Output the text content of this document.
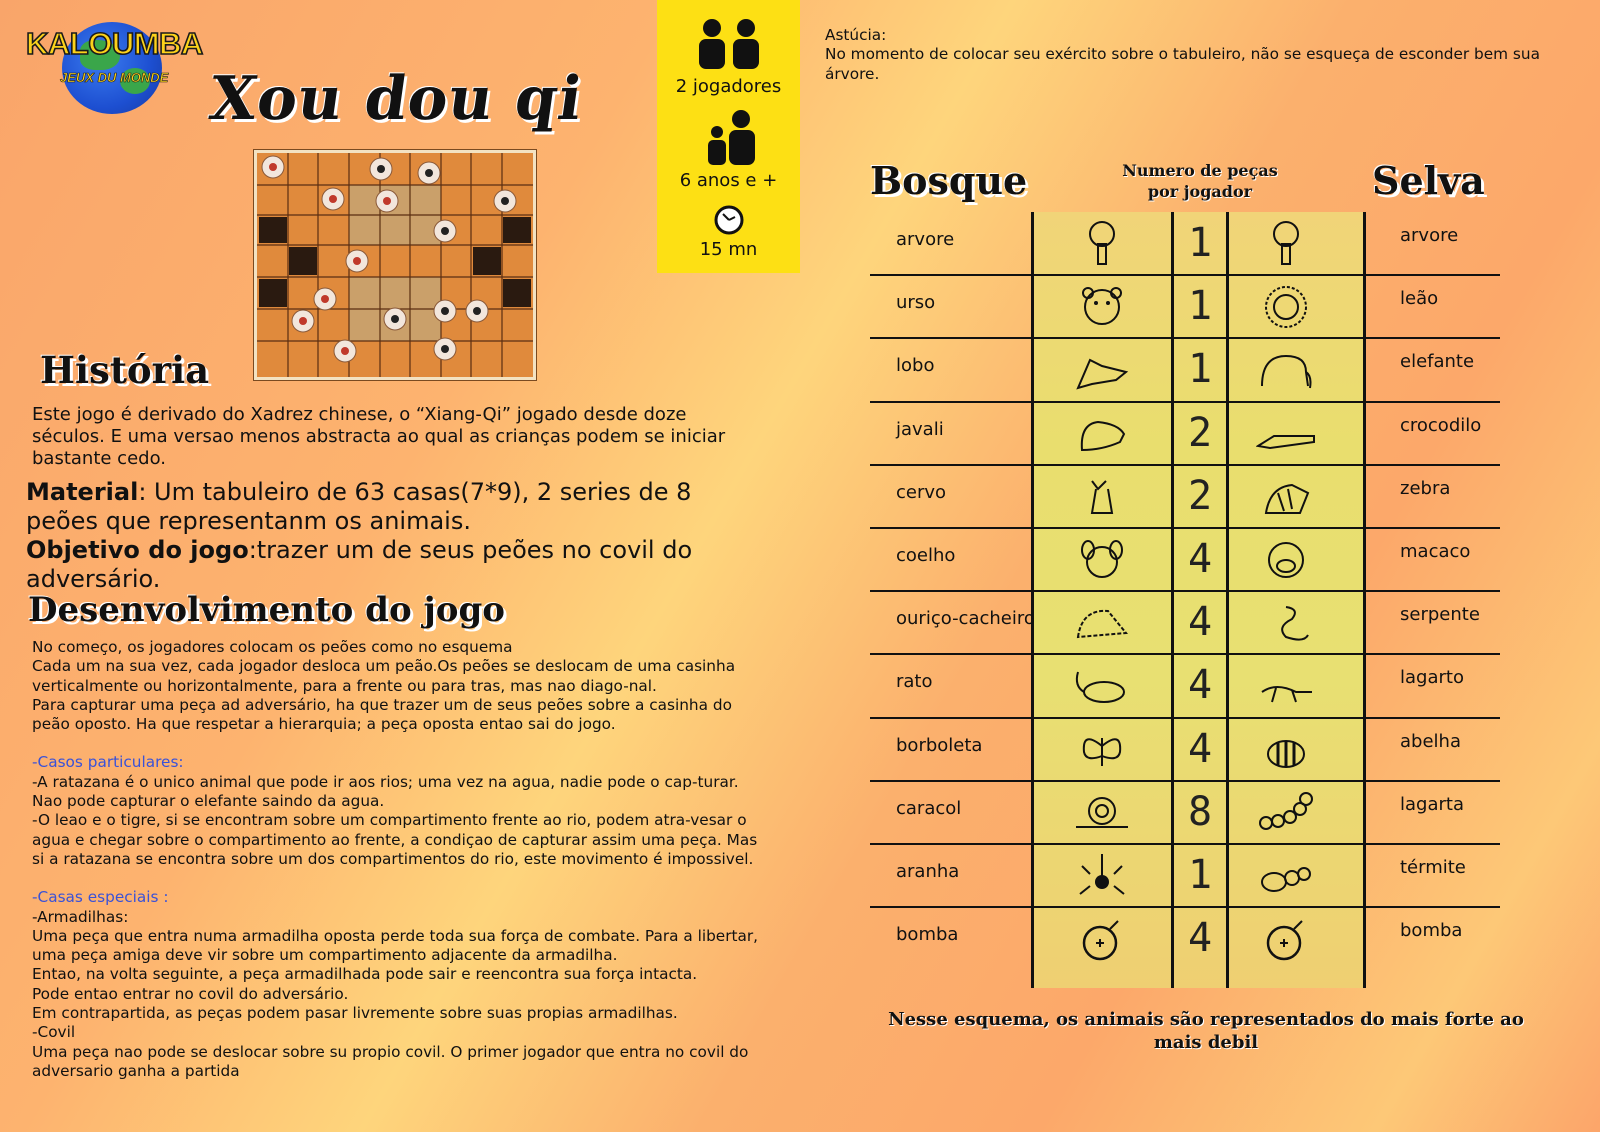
KALOUMBA
JEUX DU MONDE Xou dou qi	2 jogadores
6 anos e +
15 mn
Astúcia:
No momento de colocar seu exército sobre o tabuleiro, não se esqueça de esconder bem sua árvore.
História
Este jogo é derivado do Xadrez chinese, o “Xiang-Qi” jogado desde doze séculos. E uma versao menos abstracta ao qual as crianças podem se iniciar bastante cedo.
Material: Um tabuleiro de 63 casas(7*9), 2 series de 8 peões que representanm os animais.
Objetivo do jogo:trazer um de seus peões no covil do adversário.
Desenvolvimento do jogo
No começo, os jogadores colocam os peões como no esquema
Cada um na sua vez, cada jogador desloca um peão.Os peões se deslocam de uma casinha verticalmente ou horizontalmente, para a frente ou para tras, mas nao diago-nal.
Para capturar uma peça ad adversário, ha que trazer um de seus peões sobre a casinha do peão oposto. Ha que respetar a hierarquia; a peça oposta entao sai do jogo.
-Casos particulares:
-A ratazana é o unico animal que pode ir aos rios; uma vez na agua, nadie pode o cap-turar. Nao pode capturar o elefante saindo da agua.
-O leao e o tigre, si se encontram sobre um compartimento frente ao rio, podem atra-vesar o agua e chegar sobre o compartimento ao frente, a condiçao de capturar assim uma peça. Mas si a ratazana se encontra sobre um dos compartimentos do rio, este movimento é impossivel.
-Casas especiais :
-Armadilhas:
Uma peça que entra numa armadilha oposta perde toda sua força de combate. Para a libertar, uma peça amiga deve vir sobre um compartimento adjacente da armadilha.
Entao, na volta seguinte, a peça armadilhada pode sair e reencontra sua força intacta.
Pode entao entrar no covil do adversário.
Em contrapartida, as peças podem pasar livremente sobre suas propias armadilhas.
-Covil
Uma peça nao pode se deslocar sobre su propio covil. O primer jogador que entra no covil do adversario ganha a partida
Bosque	Selva
Numero de peças
por jogador
arvore	1	arvore
urso	1	leão
lobo	1	elefante
javali	2	crocodilo
cervo	2	zebra
coelho	4	macaco
ouriço-cacheiro	4	serpente
rato	4	lagarto
borboleta	4	abelha
caracol	8	lagarta
aranha	1	térmite
bomba	4	bomba
Nesse esquema, os animais são representados do mais forte ao mais debil
